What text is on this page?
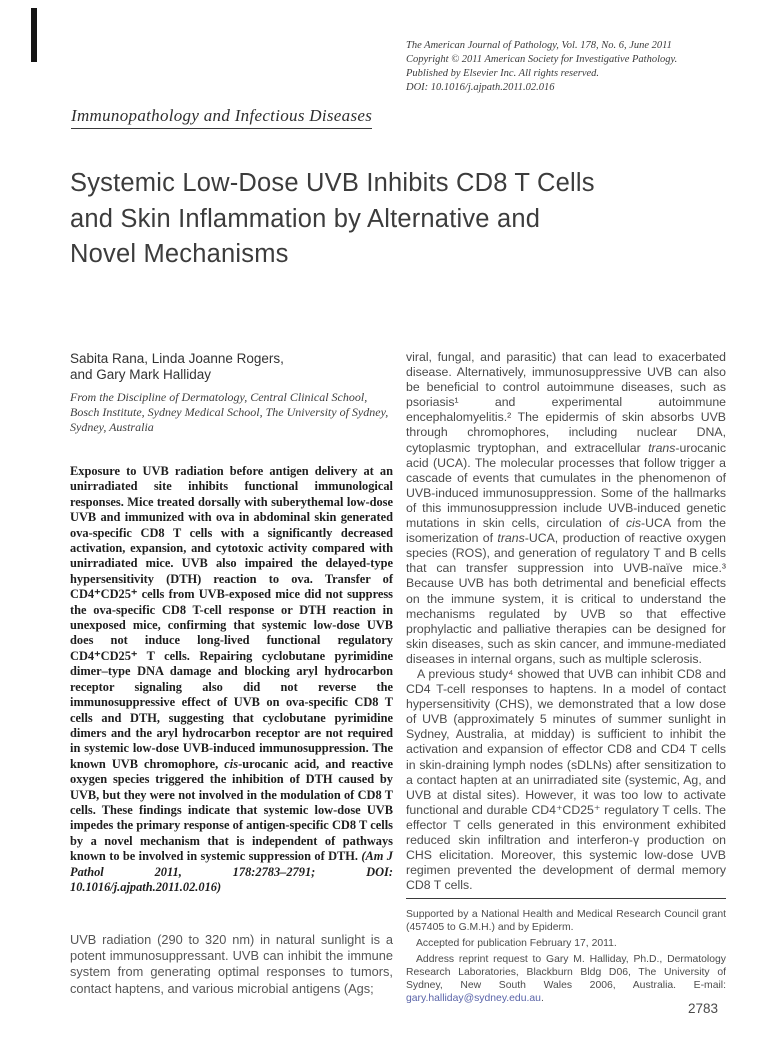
The American Journal of Pathology, Vol. 178, No. 6, June 2011
Copyright © 2011 American Society for Investigative Pathology.
Published by Elsevier Inc. All rights reserved.
DOI: 10.1016/j.ajpath.2011.02.016
Immunopathology and Infectious Diseases
Systemic Low-Dose UVB Inhibits CD8 T Cells
and Skin Inflammation by Alternative and
Novel Mechanisms
Sabita Rana, Linda Joanne Rogers,
and Gary Mark Halliday
From the Discipline of Dermatology, Central Clinical School,
Bosch Institute, Sydney Medical School, The University of Sydney,
Sydney, Australia

Exposure to UVB radiation before antigen delivery at an unirradiated site inhibits functional immunological responses. Mice treated dorsally with suberythemal low-dose UVB and immunized with ova in abdominal skin generated ova-specific CD8 T cells with a significantly decreased activation, expansion, and cytotoxic activity compared with unirradiated mice. UVB also impaired the delayed-type hypersensitivity (DTH) reaction to ova. Transfer of CD4⁺CD25⁺ cells from UVB-exposed mice did not suppress the ova-specific CD8 T-cell response or DTH reaction in unexposed mice, confirming that systemic low-dose UVB does not induce long-lived functional regulatory CD4⁺CD25⁺ T cells. Repairing cyclobutane pyrimidine dimer–type DNA damage and blocking aryl hydrocarbon receptor signaling also did not reverse the immunosuppressive effect of UVB on ova-specific CD8 T cells and DTH, suggesting that cyclobutane pyrimidine dimers and the aryl hydrocarbon receptor are not required in systemic low-dose UVB-induced immunosuppression. The known UVB chromophore, cis-urocanic acid, and reactive oxygen species triggered the inhibition of DTH caused by UVB, but they were not involved in the modulation of CD8 T cells. These findings indicate that systemic low-dose UVB impedes the primary response of antigen-specific CD8 T cells by a novel mechanism that is independent of pathways known to be involved in systemic suppression of DTH. (Am J Pathol 2011, 178:2783–2791; DOI: 10.1016/j.ajpath.2011.02.016)

UVB radiation (290 to 320 nm) in natural sunlight is a potent immunosuppressant. UVB can inhibit the immune system from generating optimal responses to tumors, contact haptens, and various microbial antigens (Ags;

viral, fungal, and parasitic) that can lead to exacerbated disease. Alternatively, immunosuppressive UVB can also be beneficial to control autoimmune diseases, such as psoriasis¹ and experimental autoimmune encephalomyelitis.² The epidermis of skin absorbs UVB through chromophores, including nuclear DNA, cytoplasmic tryptophan, and extracellular trans-urocanic acid (UCA). The molecular processes that follow trigger a cascade of events that cumulates in the phenomenon of UVB-induced immunosuppression. Some of the hallmarks of this immunosuppression include UVB-induced genetic mutations in skin cells, circulation of cis-UCA from the isomerization of trans-UCA, production of reactive oxygen species (ROS), and generation of regulatory T and B cells that can transfer suppression into UVB-naïve mice.³ Because UVB has both detrimental and beneficial effects on the immune system, it is critical to understand the mechanisms regulated by UVB so that effective prophylactic and palliative therapies can be designed for skin diseases, such as skin cancer, and immune-mediated diseases in internal organs, such as multiple sclerosis.

A previous study⁴ showed that UVB can inhibit CD8 and CD4 T-cell responses to haptens. In a model of contact hypersensitivity (CHS), we demonstrated that a low dose of UVB (approximately 5 minutes of summer sunlight in Sydney, Australia, at midday) is sufficient to inhibit the activation and expansion of effector CD8 and CD4 T cells in skin-draining lymph nodes (sDLNs) after sensitization to a contact hapten at an unirradiated site (systemic, Ag, and UVB at distal sites). However, it was too low to activate functional and durable CD4⁺CD25⁺ regulatory T cells. The effector T cells generated in this environment exhibited reduced skin infiltration and interferon-γ production on CHS elicitation. Moreover, this systemic low-dose UVB regimen prevented the development of dermal memory CD8 T cells.

Supported by a National Health and Medical Research Council grant (457405 to G.M.H.) and by Epiderm.

Accepted for publication February 17, 2011.

Address reprint request to Gary M. Halliday, Ph.D., Dermatology Research Laboratories, Blackburn Bldg D06, The University of Sydney, New South Wales 2006, Australia. E-mail: gary.halliday@sydney.edu.au.

2783
